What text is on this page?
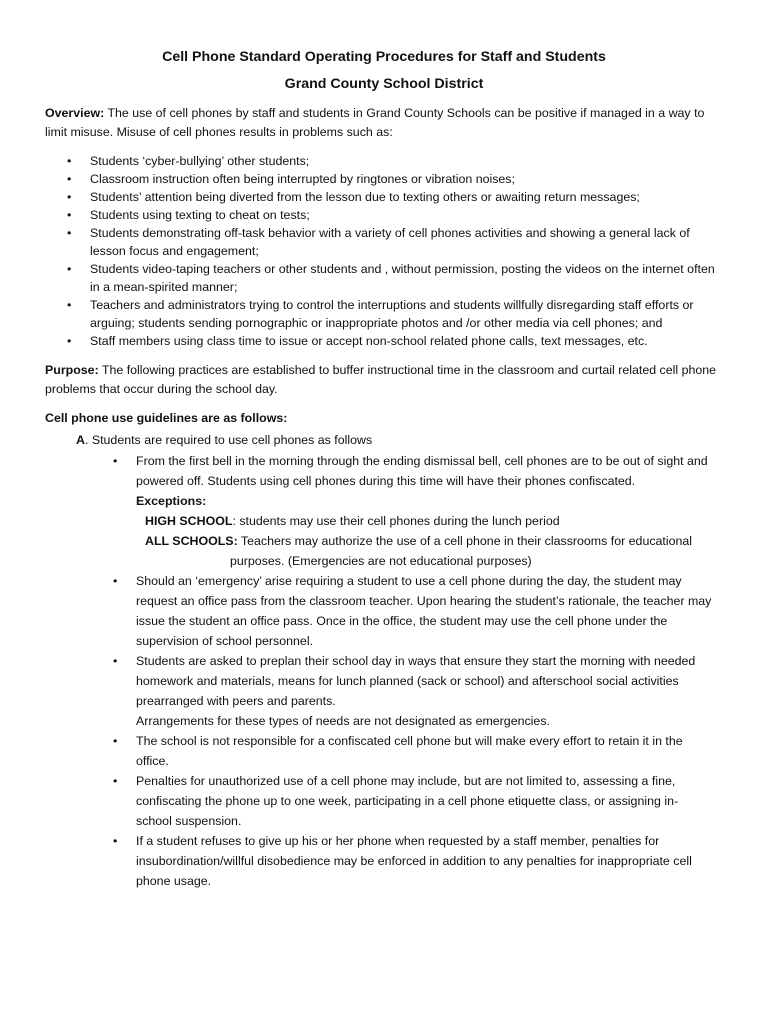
Cell Phone Standard Operating Procedures for Staff and Students
Grand County School District
Overview: The use of cell phones by staff and students in Grand County Schools can be positive if managed in a way to limit misuse. Misuse of cell phones results in problems such as:
• Students ‘cyber-bullying’ other students;
• Classroom instruction often being interrupted by ringtones or vibration noises;
• Students’ attention being diverted from the lesson due to texting others or awaiting return messages;
• Students using texting to cheat on tests;
• Students demonstrating off-task behavior with a variety of cell phones activities and showing a general lack of lesson focus and engagement;
• Students video-taping teachers or other students and , without permission, posting the videos on the internet often in a mean-spirited manner;
• Teachers and administrators trying to control the interruptions and students willfully disregarding staff efforts or arguing; students sending pornographic or inappropriate photos and /or other media via cell phones; and
• Staff members using class time to issue or accept non-school related phone calls, text messages, etc.
Purpose: The following practices are established to buffer instructional time in the classroom and curtail related cell phone problems that occur during the school day.
Cell phone use guidelines are as follows:
A. Students are required to use cell phones as follows
• From the first bell in the morning through the ending dismissal bell, cell phones are to be out of sight and powered off. Students using cell phones during this time will have their phones confiscated.
Exceptions:
HIGH SCHOOL: students may use their cell phones during the lunch period
ALL SCHOOLS: Teachers may authorize the use of a cell phone in their classrooms for educational
purposes. (Emergencies are not educational purposes)
• Should an ‘emergency’ arise requiring a student to use a cell phone during the day, the student may request an office pass from the classroom teacher. Upon hearing the student’s rationale, the teacher may issue the student an office pass. Once in the office, the student may use the cell phone under the supervision of school personnel.
• Students are asked to preplan their school day in ways that ensure they start the morning with needed homework and materials, means for lunch planned (sack or school) and afterschool social activities prearranged with peers and parents.
Arrangements for these types of needs are not designated as emergencies.
• The school is not responsible for a confiscated cell phone but will make every effort to retain it in the office.
• Penalties for unauthorized use of a cell phone may include, but are not limited to, assessing a fine, confiscating the phone up to one week, participating in a cell phone etiquette class, or assigning in-school suspension.
• If a student refuses to give up his or her phone when requested by a staff member, penalties for insubordination/willful disobedience may be enforced in addition to any penalties for inappropriate cell phone usage.
